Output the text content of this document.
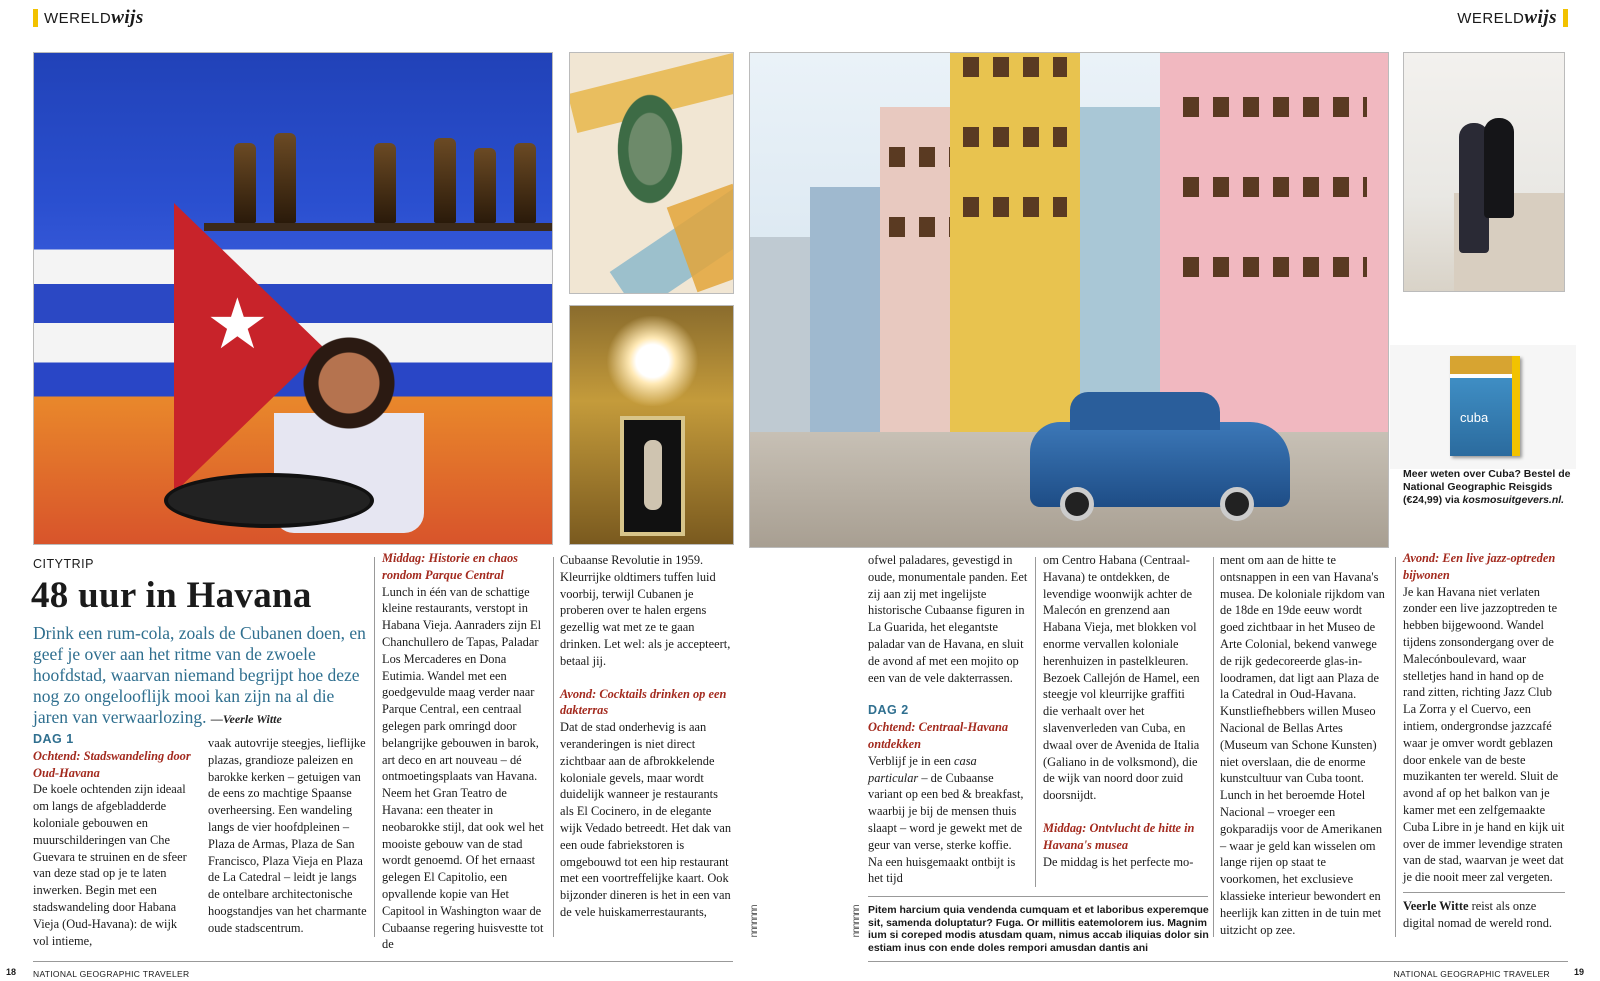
WERELD wijs	WERELD wijs
★
cuba
Meer weten over Cuba? Bestel de National Geographic Reisgids (€24,99) via kosmosuitgevers.nl.
CITYTRIP
48 uur in Havana
Drink een rum-cola, zoals de Cubanen doen, en geef je over aan het ritme van de zwoele hoofdstad, waarvan niemand begrijpt hoe deze nog zo ongelooflijk mooi kan zijn na al die jaren van verwaarlozing. —Veerle Witte

DAG 1

Ochtend: Stadswandeling door Oud-Havana

De koele ochtenden zijn ideaal om langs de afgebladderde koloniale gebouwen en muurschilderingen van Che Guevara te struinen en de sfeer van deze stad op je te laten inwerken. Begin met een stadswandeling door Habana Vieja (Oud-Havana): de wijk vol intieme,

vaak autovrije steegjes, lieflijke plazas, grandioze paleizen en barokke kerken – getuigen van de eens zo machtige Spaanse overheersing. Een wandeling langs de vier hoofdpleinen – Plaza de Armas, Plaza de San Francisco, Plaza Vieja en Plaza de La Catedral – leidt je langs de ontelbare architectonische hoogstandjes van het charmante oude stadscentrum.

Middag: Historie en chaos rondom Parque Central

Lunch in één van de schattige kleine restaurants, verstopt in Habana Vieja. Aanraders zijn El Chanchullero de Tapas, Paladar Los Mercaderes en Dona Eutimia. Wandel met een goedgevulde maag verder naar Parque Central, een centraal gelegen park omringd door belangrijke gebouwen in barok, art deco en art nouveau – dé ontmoetingsplaats van Havana. Neem het Gran Teatro de Havana: een theater in neobarokke stijl, dat ook wel het mooiste gebouw van de stad wordt genoemd. Of het ernaast gelegen El Capitolio, een opvallende kopie van Het Capitool in Washington waar de Cubaanse regering huisvestte tot de

Cubaanse Revolutie in 1959. Kleurrijke oldtimers tuffen luid voorbij, terwijl Cubanen je proberen over te halen ergens gezellig wat met ze te gaan drinken. Let wel: als je accepteert, betaal jij.

Avond: Cocktails drinken op een dakterras

Dat de stad onderhevig is aan veranderingen is niet direct zichtbaar aan de afbrokkelende koloniale gevels, maar wordt duidelijk wanneer je restaurants als El Cocinero, in de elegante wijk Vedado betreedt. Het dak van een oude fabriekstoren is omgebouwd tot een hip restaurant met een voortreffelijke kaart. Ook bijzonder dineren is het in een van de vele huiskamerrestaurants,	uuuuuuu

ofwel paladares, gevestigd in oude, monumentale panden. Eet zij aan zij met ingelijste historische Cubaanse figuren in La Guarida, het elegantste paladar van de Havana, en sluit de avond af met een mojito op een van de vele dakterrassen.

DAG 2

Ochtend: Centraal-Havana ontdekken

Verblijf je in een casa particular – de Cubaanse variant op een bed & breakfast, waarbij je bij de mensen thuis slaapt – word je gewekt met de geur van verse, sterke koffie. Na een huisgemaakt ontbijt is het tijd

om Centro Habana (Centraal-Havana) te ontdekken, de levendige woonwijk achter de Malecón en grenzend aan Habana Vieja, met blokken vol enorme vervallen koloniale herenhuizen in pastelkleuren. Bezoek Callejón de Hamel, een steegje vol kleurrijke graffiti die verhaalt over het slavenverleden van Cuba, en dwaal over de Avenida de Italia (Galiano in de volksmond), die de wijk van noord door zuid doorsnijdt.

Middag: Ontvlucht de hitte in Havana's musea

De middag is het perfecte mo-

uuuuuuu Pitem harcium quia vendenda cumquam et et laboribus experemque sit, samenda doluptatur? Fuga. Or millitis eatemolorem ius. Magnim ium si coreped modis atusdam quam, nimus accab iliquias dolor sin estiam inus con ende doles rempori amusdan dantis ani

ment om aan de hitte te ontsnappen in een van Havana's musea. De koloniale rijkdom van de 18de en 19de eeuw wordt goed zichtbaar in het Museo de Arte Colonial, bekend vanwege de rijk gedecoreerde glas-in-loodramen, dat ligt aan Plaza de la Catedral in Oud-Havana. Kunstliefhebbers willen Museo Nacional de Bellas Artes (Museum van Schone Kunsten) niet overslaan, die de enorme kunstcultuur van Cuba toont. Lunch in het beroemde Hotel Nacional – vroeger een gokparadijs voor de Amerikanen – waar je geld kan wisselen om lange rijen op staat te voorkomen, het exclusieve klassieke interieur bewondert en heerlijk kan zitten in de tuin met uitzicht op zee.

Avond: Een live jazz-optreden bijwonen

Je kan Havana niet verlaten zonder een live jazzoptreden te hebben bijgewoond. Wandel tijdens zonsondergang over de Malecónboulevard, waar stelletjes hand in hand op de rand zitten, richting Jazz Club La Zorra y el Cuervo, een intiem, ondergrondse jazzcafé waar je omver wordt geblazen door enkele van de beste muzikanten ter wereld. Sluit de avond af op het balkon van je kamer met een zelfgemaakte Cuba Libre in je hand en kijk uit over de immer levendige straten van de stad, waarvan je weet dat je die nooit meer zal vergeten.

Veerle Witte reist als onze digital nomad de wereld rond.

18 NATIONAL GEOGRAPHIC TRAVELER	NATIONAL GEOGRAPHIC TRAVELER	19
